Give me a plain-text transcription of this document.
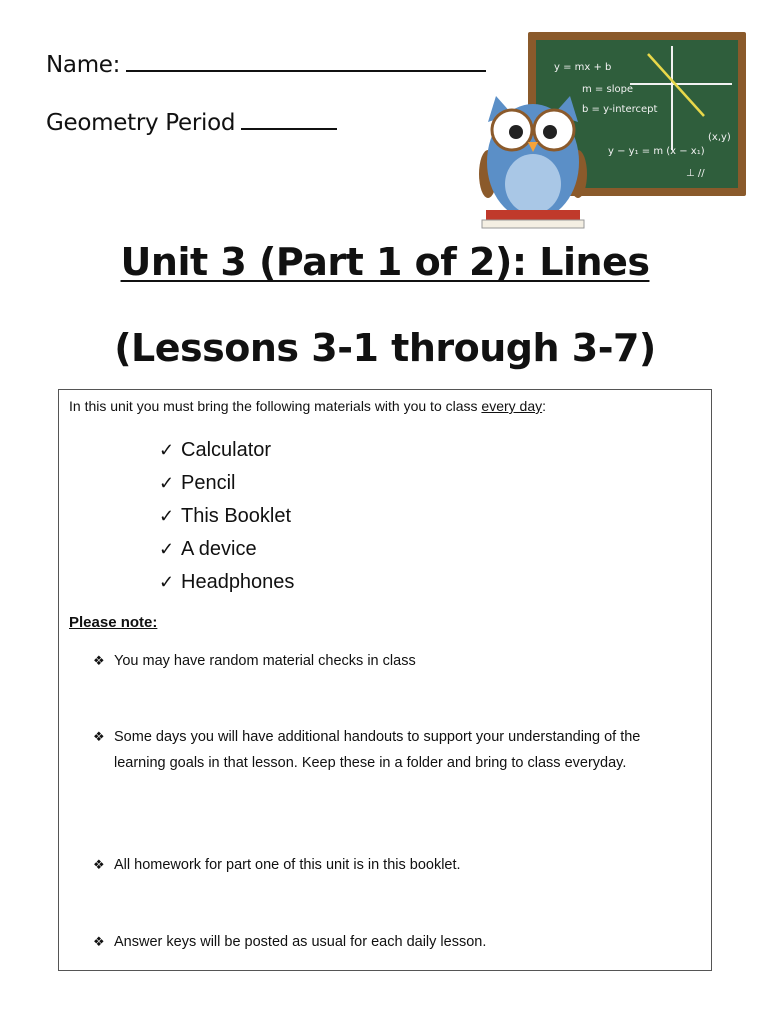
Name:
Geometry Period
y = mx + b
m = slope
b = y-intercept
(x,y)
y − y₁ = m (x − x₁)
⊥ //
Unit 3 (Part 1 of 2): Lines
(Lessons 3-1 through 3-7)
In this unit you must bring the following materials with you to class every day:
✓ Calculator
✓ Pencil
✓ This Booklet
✓ A device
✓ Headphones
Please note:
❖ You may have random material checks in class
❖ Some days you will have additional handouts to support your understanding of the learning goals in that lesson. Keep these in a folder and bring to class everyday.
❖ All homework for part one of this unit is in this booklet.
❖ Answer keys will be posted as usual for each daily lesson.
